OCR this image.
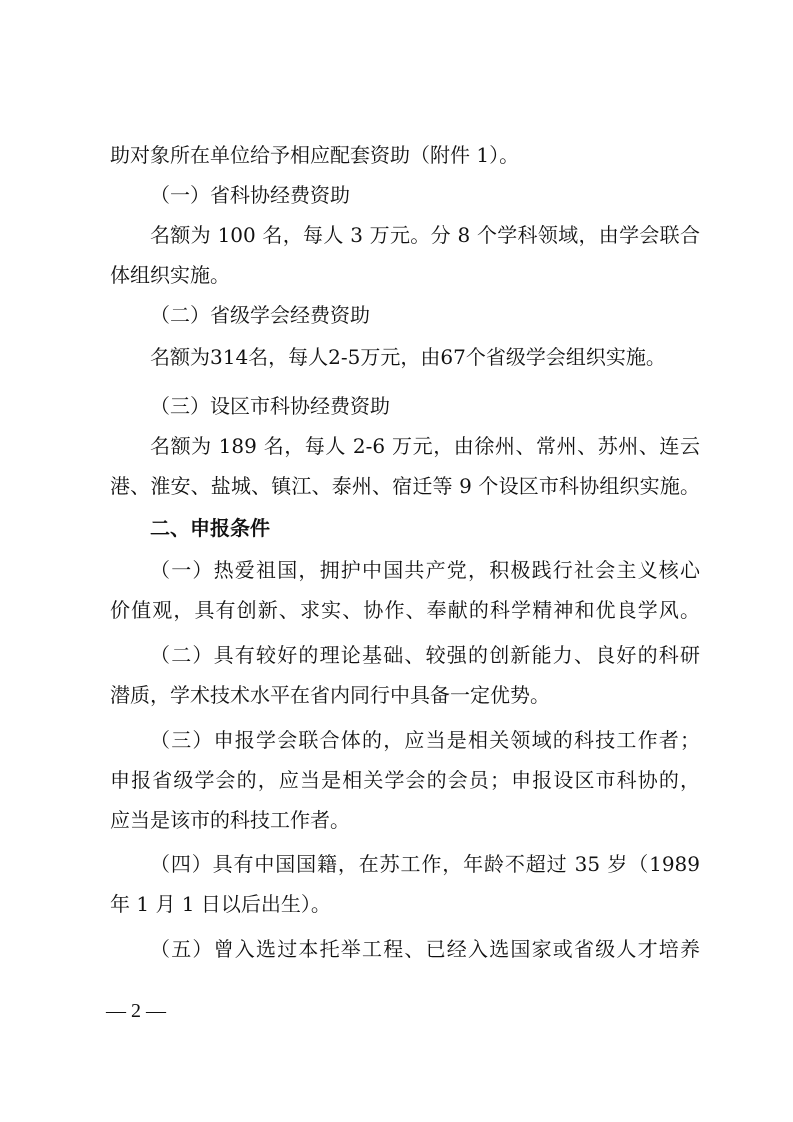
助对象所在单位给予相应配套资助（附件 1）。
（一）省科协经费资助
名额为 100 名，每人 3 万元。分 8 个学科领域，由学会联合
体组织实施。
（二）省级学会经费资助
名额为314名，每人2-5万元，由67个省级学会组织实施。
（三）设区市科协经费资助
名额为 189 名，每人 2-6 万元，由徐州、常州、苏州、连云
港、淮安、盐城、镇江、泰州、宿迁等 9 个设区市科协组织实施。
二、申报条件
（一）热爱祖国，拥护中国共产党，积极践行社会主义核心
价值观，具有创新、求实、协作、奉献的科学精神和优良学风。
（二）具有较好的理论基础、较强的创新能力、良好的科研
潜质，学术技术水平在省内同行中具备一定优势。
（三）申报学会联合体的，应当是相关领域的科技工作者；
申报省级学会的，应当是相关学会的会员；申报设区市科协的，
应当是该市的科技工作者。
（四）具有中国国籍，在苏工作，年龄不超过 35 岁（1989
年 1 月 1 日以后出生）。
（五）曾入选过本托举工程、已经入选国家或省级人才培养
— 2 —
